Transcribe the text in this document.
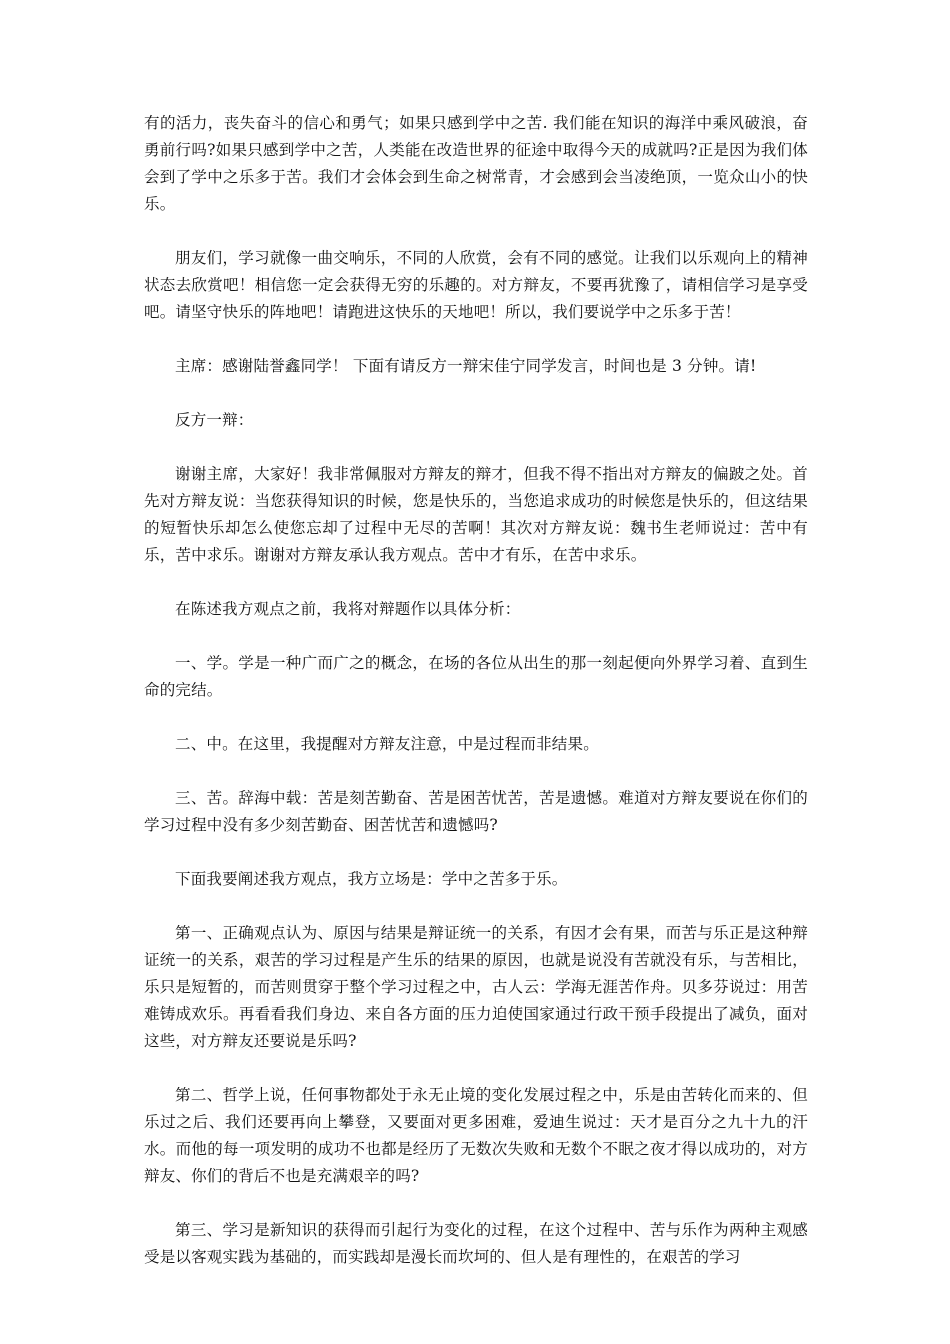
有的活力，丧失奋斗的信心和勇气；如果只感到学中之苦. 我们能在知识的海洋中乘风破浪，奋勇前行吗?如果只感到学中之苦，人类能在改造世界的征途中取得今天的成就吗?正是因为我们体会到了学中之乐多于苦。我们才会体会到生命之树常青，才会感到会当凌绝顶，一览众山小的快乐。

朋友们，学习就像一曲交响乐，不同的人欣赏，会有不同的感觉。让我们以乐观向上的精神状态去欣赏吧！相信您一定会获得无穷的乐趣的。对方辩友，不要再犹豫了，请相信学习是享受吧。请坚守快乐的阵地吧！请跑进这快乐的天地吧！所以，我们要说学中之乐多于苦！

主席：感谢陆誉鑫同学！ 下面有请反方一辩宋佳宁同学发言，时间也是 3 分钟。请!

反方一辩：

谢谢主席，大家好！我非常佩服对方辩友的辩才，但我不得不指出对方辩友的偏跛之处。首先对方辩友说：当您获得知识的时候，您是快乐的，当您追求成功的时候您是快乐的，但这结果的短暂快乐却怎么使您忘却了过程中无尽的苦啊！其次对方辩友说：魏书生老师说过：苦中有乐，苦中求乐。谢谢对方辩友承认我方观点。苦中才有乐，在苦中求乐。

在陈述我方观点之前，我将对辩题作以具体分析：

一、学。学是一种广而广之的概念，在场的各位从出生的那一刻起便向外界学习着、直到生命的完结。

二、中。在这里，我提醒对方辩友注意，中是过程而非结果。

三、苦。辞海中载：苦是刻苦勤奋、苦是困苦忧苦，苦是遗憾。难道对方辩友要说在你们的学习过程中没有多少刻苦勤奋、困苦忧苦和遗憾吗?

下面我要阐述我方观点，我方立场是：学中之苦多于乐。

第一、正确观点认为、原因与结果是辩证统一的关系，有因才会有果，而苦与乐正是这种辩证统一的关系，艰苦的学习过程是产生乐的结果的原因，也就是说没有苦就没有乐，与苦相比，乐只是短暂的，而苦则贯穿于整个学习过程之中，古人云：学海无涯苦作舟。贝多芬说过：用苦难铸成欢乐。再看看我们身边、来自各方面的压力迫使国家通过行政干预手段提出了减负，面对这些，对方辩友还要说是乐吗?

第二、哲学上说，任何事物都处于永无止境的变化发展过程之中，乐是由苦转化而来的、但乐过之后、我们还要再向上攀登，又要面对更多困难，爱迪生说过：天才是百分之九十九的汗水。而他的每一项发明的成功不也都是经历了无数次失败和无数个不眠之夜才得以成功的，对方辩友、你们的背后不也是充满艰辛的吗?

第三、学习是新知识的获得而引起行为变化的过程，在这个过程中、苦与乐作为两种主观感受是以客观实践为基础的，而实践却是漫长而坎坷的、但人是有理性的，在艰苦的学习
